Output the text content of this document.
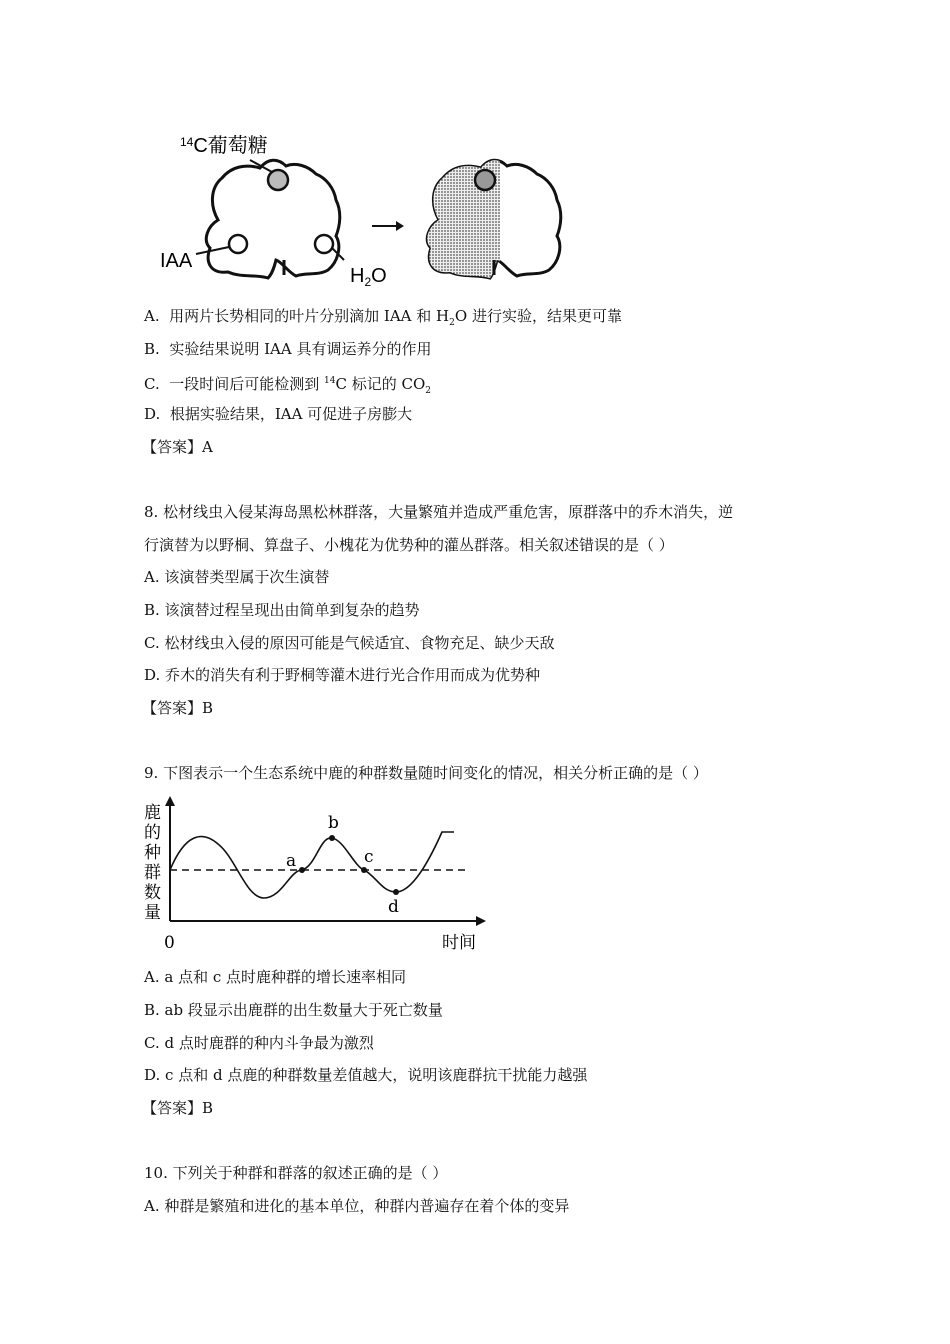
$^{14}$C葡萄糖
IAA
$H_2O$
A. 用两片长势相同的叶片分别滴加 IAA 和 $H_2O$ 进行实验，结果更可靠
B. 实验结果说明 IAA 具有调运养分的作用
C. 一段时间后可能检测到 $^{14}$C 标记的 $CO_2$
D. 根据实验结果，IAA 可促进子房膨大
【答案】A
8. 松材线虫入侵某海岛黑松林群落，大量繁殖并造成严重危害，原群落中的乔木消失，逆
行演替为以野桐、算盘子、小槐花为优势种的灌丛群落。相关叙述错误的是（ ）
A. 该演替类型属于次生演替
B. 该演替过程呈现出由简单到复杂的趋势
C. 松材线虫入侵的原因可能是气候适宜、食物充足、缺少天敌
D. 乔木的消失有利于野桐等灌木进行光合作用而成为优势种
【答案】B
9. 下图表示一个生态系统中鹿的种群数量随时间变化的情况，相关分析正确的是（ ）
a
b
c
d
鹿的种群数量
时间
0
A. a 点和 c 点时鹿种群的增长速率相同
B. ab 段显示出鹿群的出生数量大于死亡数量
C. d 点时鹿群的种内斗争最为激烈
D. c 点和 d 点鹿的种群数量差值越大，说明该鹿群抗干扰能力越强
【答案】B
10. 下列关于种群和群落的叙述正确的是（ ）
A. 种群是繁殖和进化的基本单位，种群内普遍存在着个体的变异
